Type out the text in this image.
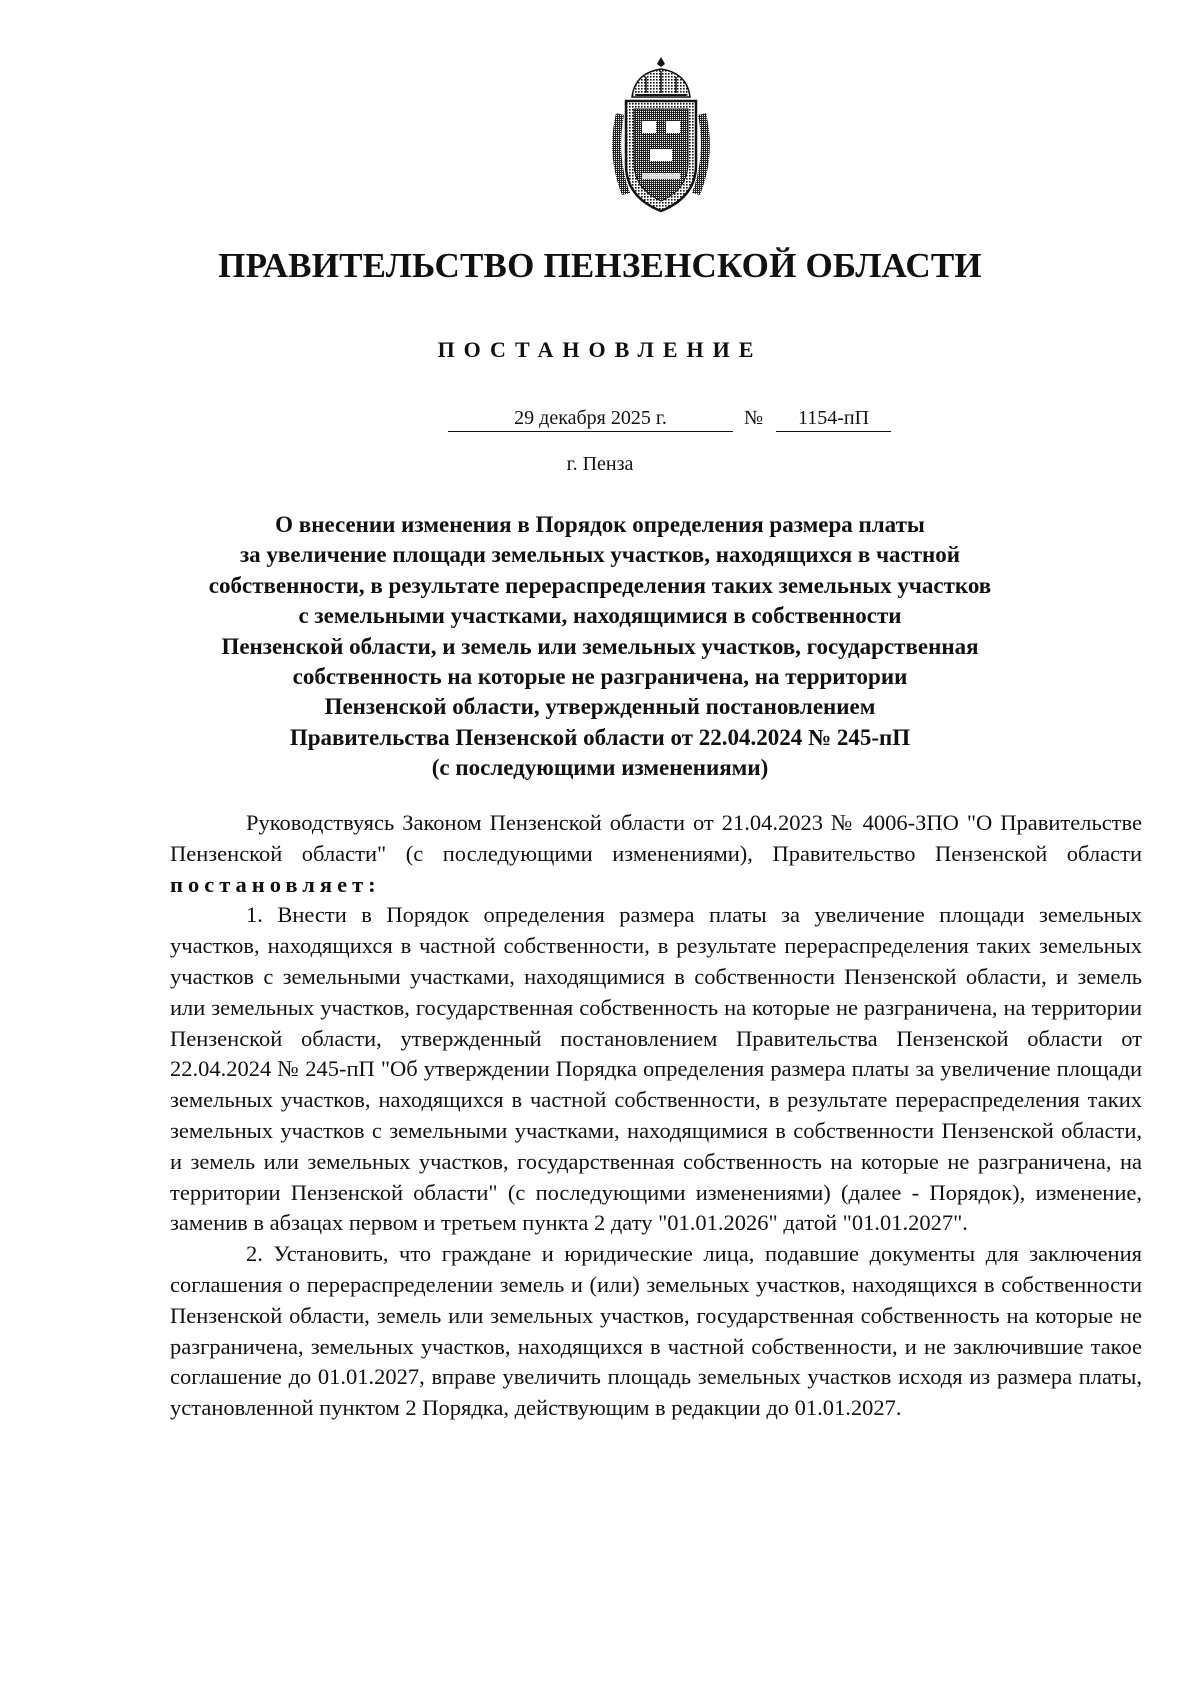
ПРАВИТЕЛЬСТВО ПЕНЗЕНСКОЙ ОБЛАСТИ
ПОСТАНОВЛЕНИЕ
29 декабря 2025 г.	№	1154-пП
г. Пенза
О внесении изменения в Порядок определения размера платы
за увеличение площади земельных участков, находящихся в частной
собственности, в результате перераспределения таких земельных участков
с земельными участками, находящимися в собственности
Пензенской области, и земель или земельных участков, государственная
собственность на которые не разграничена, на территории
Пензенской области, утвержденный постановлением
Правительства Пензенской области от 22.04.2024 № 245-пП
(с последующими изменениями)

Руководствуясь Законом Пензенской области от 21.04.2023 № 4006-ЗПО "О Правительстве Пензенской области" (с последующими изменениями), Правительство Пензенской области постановляет:

1. Внести в Порядок определения размера платы за увеличение площади земельных участков, находящихся в частной собственности, в результате перераспределения таких земельных участков с земельными участками, находящимися в собственности Пензенской области, и земель или земельных участков, государственная собственность на которые не разграничена, на территории Пензенской области, утвержденный постановлением Правительства Пензенской области от 22.04.2024 № 245-пП "Об утверждении Порядка определения размера платы за увеличение площади земельных участков, находящихся в частной собственности, в результате перераспределения таких земельных участков с земельными участками, находящимися в собственности Пензенской области, и земель или земельных участков, государственная собственность на которые не разграничена, на территории Пензенской области" (с последующими изменениями) (далее - Порядок), изменение, заменив в абзацах первом и третьем пункта 2 дату "01.01.2026" датой "01.01.2027".

2. Установить, что граждане и юридические лица, подавшие документы для заключения соглашения о перераспределении земель и (или) земельных участков, находящихся в собственности Пензенской области, земель или земельных участков, государственная собственность на которые не разграничена, земельных участков, находящихся в частной собственности, и не заключившие такое соглашение до 01.01.2027, вправе увеличить площадь земельных участков исходя из размера платы, установленной пунктом 2 Порядка, действующим в редакции до 01.01.2027.
